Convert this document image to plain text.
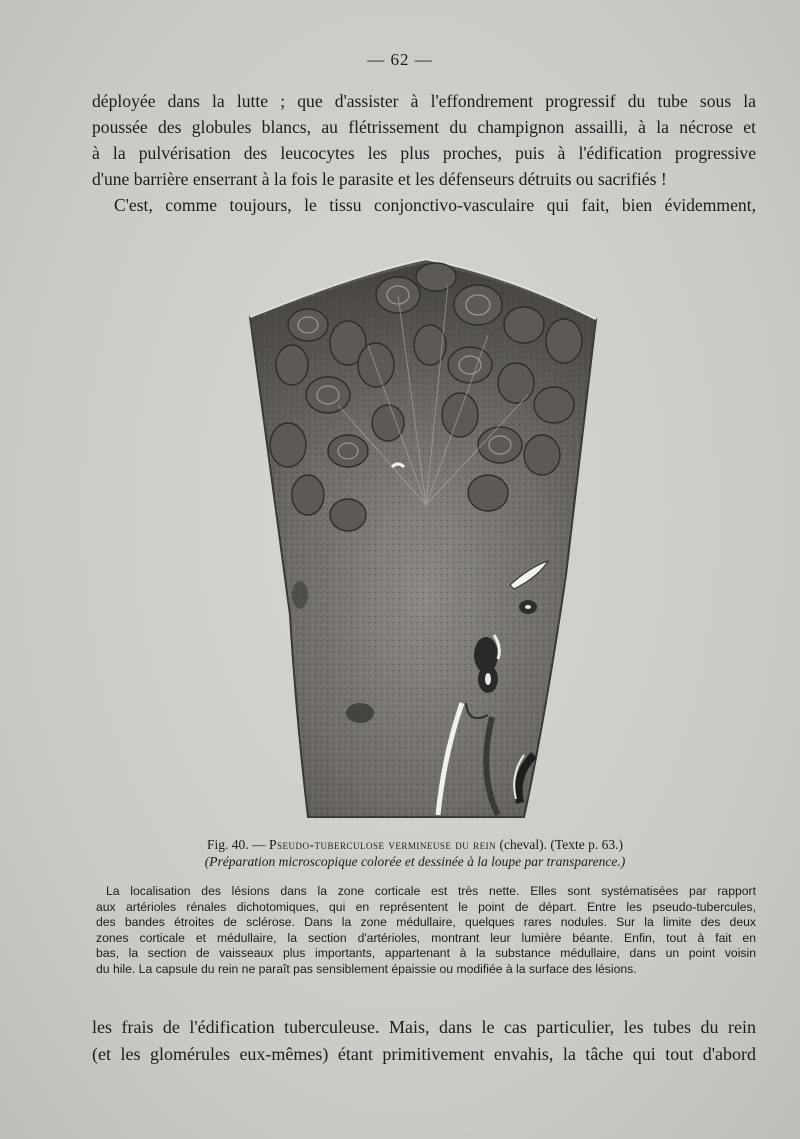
— 62 —
déployée dans la lutte ; que d'assister à l'effondrement progressif du tube sous la
poussée des globules blancs, au flétrissement du champignon assailli, à la nécrose et
à la pulvérisation des leucocytes les plus proches, puis à l'édification progressive
d'une barrière enserrant à la fois le parasite et les défenseurs détruits ou sacrifiés !
C'est, comme toujours, le tissu conjonctivo-vasculaire qui fait, bien évidemment,
Fig. 40. — Pseudo-tuberculose vermineuse du rein (cheval). (Texte p. 63.)
(Préparation microscopique colorée et dessinée à la loupe par transparence.)
La localisation des lésions dans la zone corticale est très nette. Elles sont systématisées par rapport
aux artérioles rénales dichotomiques, qui en représentent le point de départ. Entre les pseudo-tubercules,
des bandes étroites de sclérose. Dans la zone médullaire, quelques rares nodules. Sur la limite des deux
zones corticale et médullaire, la section d'artérioles, montrant leur lumière béante. Enfin, tout à fait en
bas, la section de vaisseaux plus importants, appartenant à la substance médullaire, dans un point voisin
du hile. La capsule du rein ne paraît pas sensiblement épaissie ou modifiée à la surface des lésions.
les frais de l'édification tuberculeuse. Mais, dans le cas particulier, les tubes du rein
(et les glomérules eux-mêmes) étant primitivement envahis, la tâche qui tout d'abord
